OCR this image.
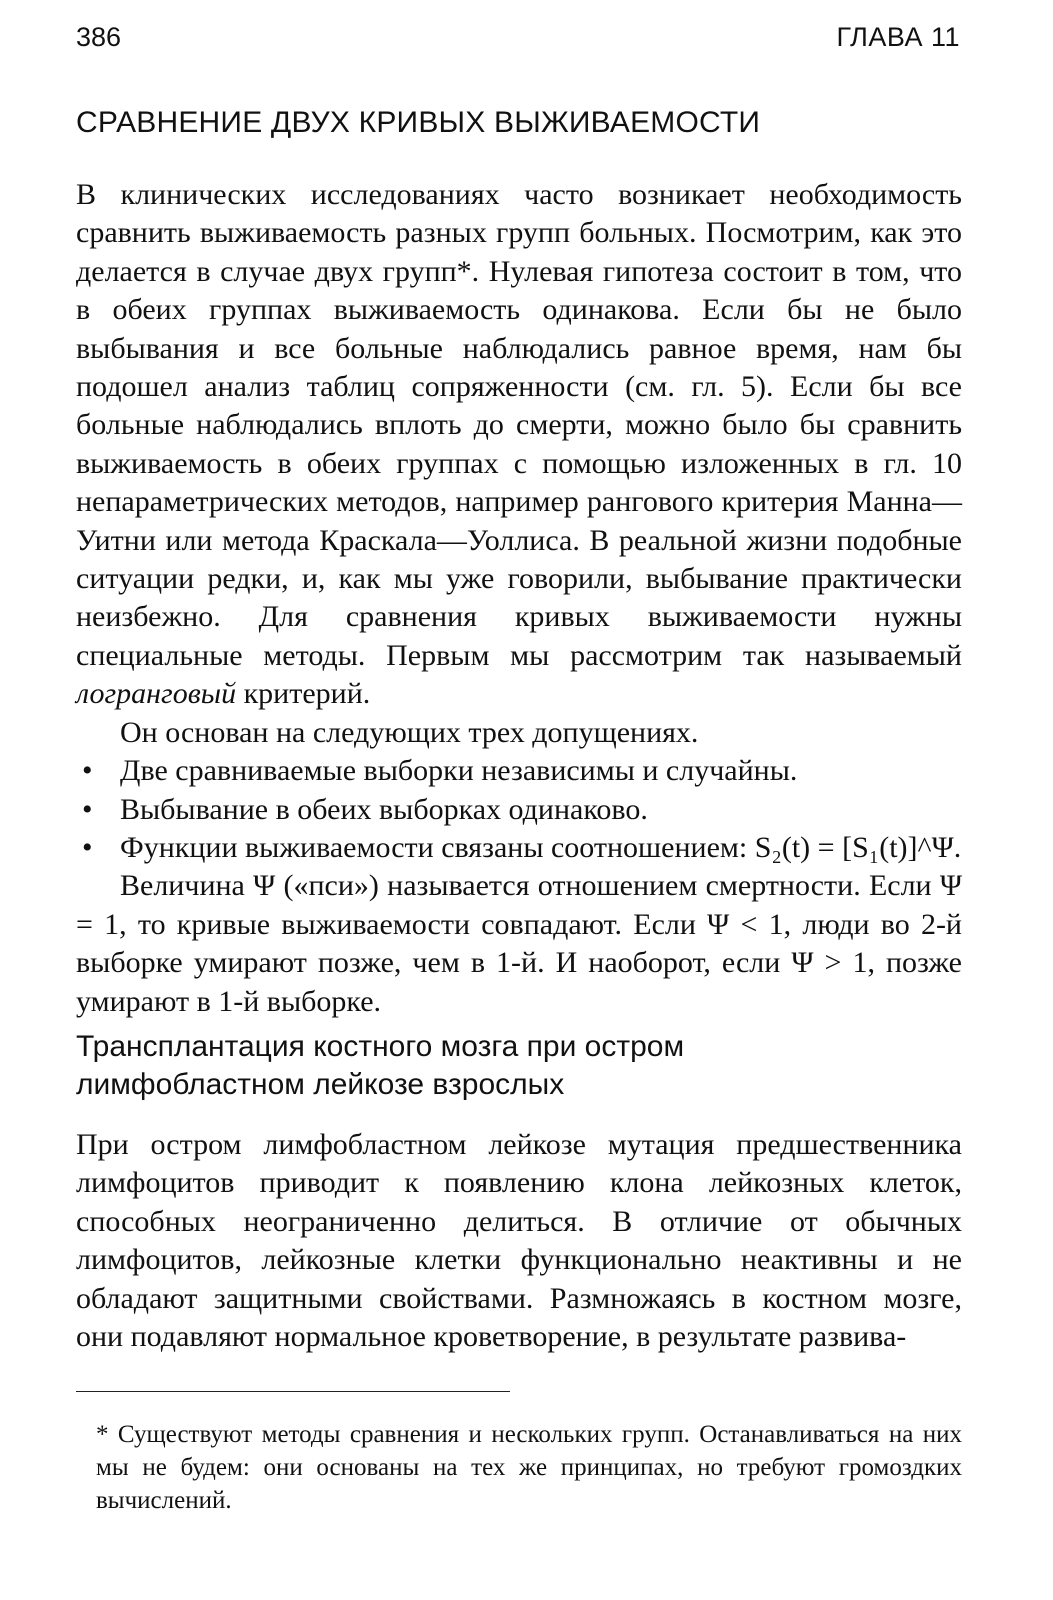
386	ГЛАВА 11
СРАВНЕНИЕ ДВУХ КРИВЫХ ВЫЖИВАЕМОСТИ

В клинических исследованиях часто возникает необходимость сравнить выживаемость разных групп больных. Посмотрим, как это делается в случае двух групп*. Нулевая гипотеза состоит в том, что в обеих группах выживаемость одинакова. Если бы не было выбывания и все больные наблюдались равное время, нам бы подошел анализ таблиц сопряженности (см. гл. 5). Если бы все больные наблюдались вплоть до смерти, можно было бы сравнить выживаемость в обеих группах с помощью изложенных в гл. 10 непараметрических методов, например рангового критерия Манна—Уитни или метода Краскала—Уоллиса. В реальной жизни подобные ситуации редки, и, как мы уже говорили, выбывание практически неизбежно. Для сравнения кривых выживаемости нужны специальные методы. Первым мы рассмотрим так называемый логранговый критерий.

Он основан на следующих трех допущениях.

• Две сравниваемые выборки независимы и случайны.
• Выбывание в обеих выборках одинаково.
• Функции выживаемости связаны соотношением: S₂(t) = [S₁(t)]^Ψ.

Величина Ψ («пси») называется отношением смертности. Если Ψ = 1, то кривые выживаемости совпадают. Если Ψ < 1, люди во 2-й выборке умирают позже, чем в 1-й. И наоборот, если Ψ > 1, позже умирают в 1-й выборке.

Трансплантация костного мозга при остром лимфобластном лейкозе взрослых
При остром лимфобластном лейкозе мутация предшественника лимфоцитов приводит к появлению клона лейкозных клеток, способных неограниченно делиться. В отличие от обычных лимфоцитов, лейкозные клетки функционально неактивны и не обладают защитными свойствами. Размножаясь в костном мозге, они подавляют нормальное кроветворение, в результате развива-
* Существуют методы сравнения и нескольких групп. Останавливаться на них мы не будем: они основаны на тех же принципах, но требуют громоздких вычислений.
